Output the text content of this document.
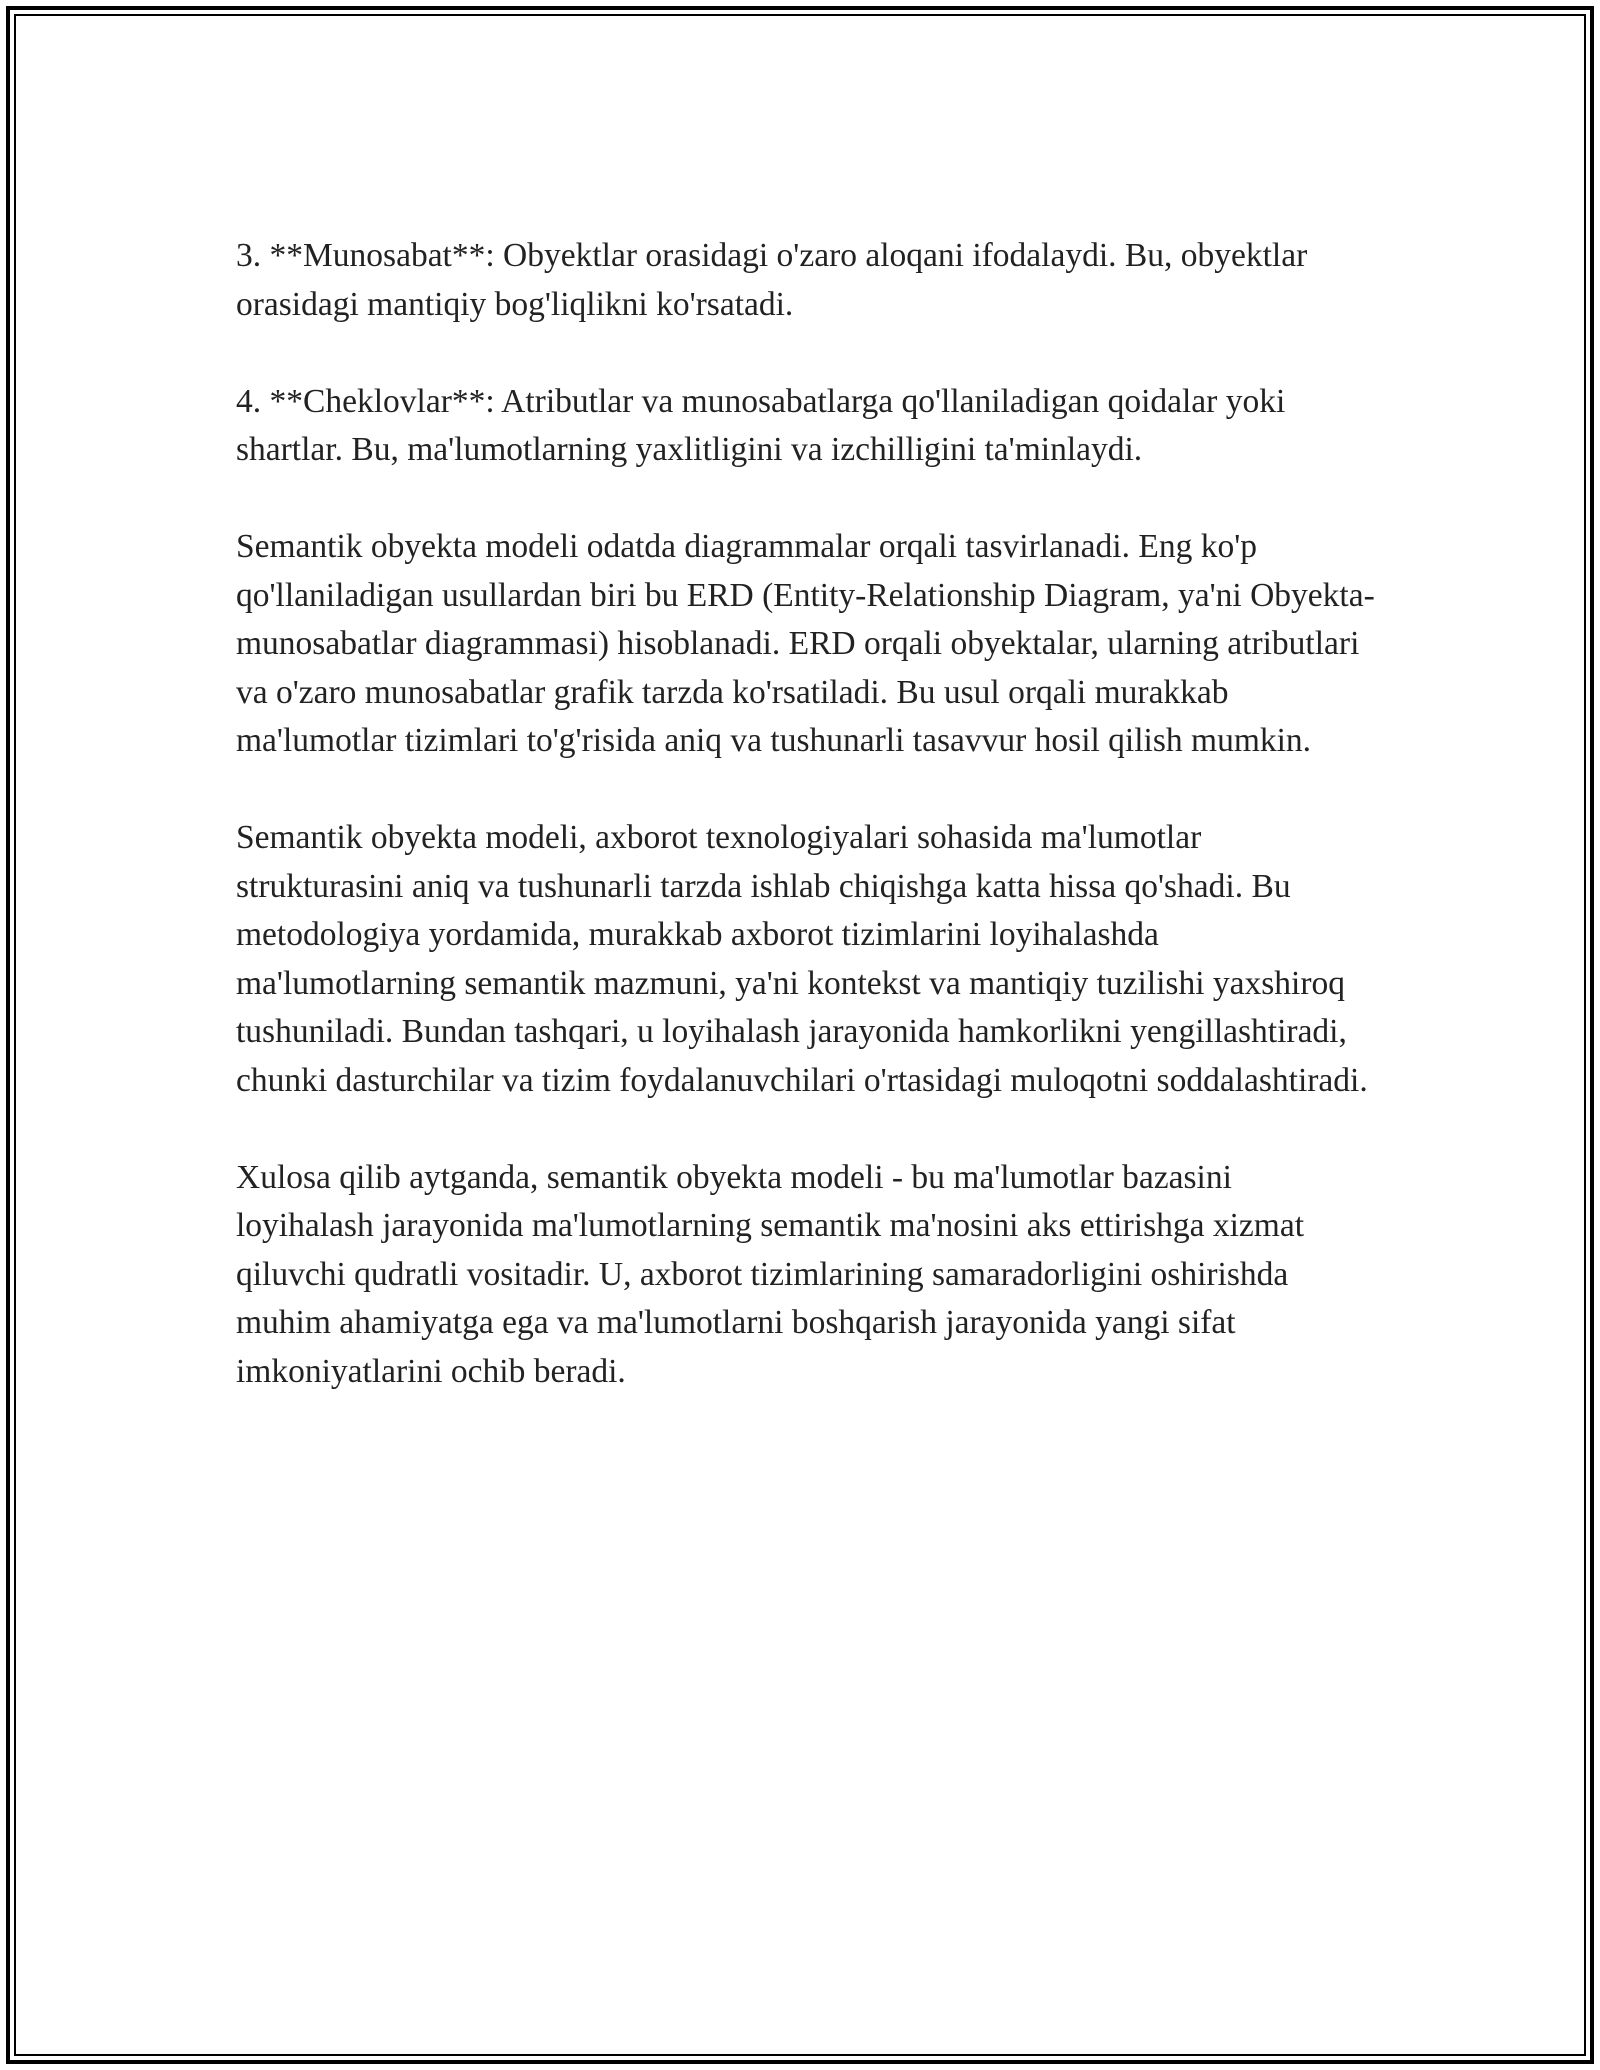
3. **Munosabat**: Obyektlar orasidagi o'zaro aloqani ifodalaydi. Bu, obyektlar orasidagi mantiqiy bog'liqlikni ko'rsatadi.

4. **Cheklovlar**: Atributlar va munosabatlarga qo'llaniladigan qoidalar yoki shartlar. Bu, ma'lumotlarning yaxlitligini va izchilligini ta'minlaydi.

Semantik obyekta modeli odatda diagrammalar orqali tasvirlanadi. Eng ko'p qo'llaniladigan usullardan biri bu ERD (Entity-Relationship Diagram, ya'ni Obyekta-munosabatlar diagrammasi) hisoblanadi. ERD orqali obyektalar, ularning atributlari va o'zaro munosabatlar grafik tarzda ko'rsatiladi. Bu usul orqali murakkab ma'lumotlar tizimlari to'g'risida aniq va tushunarli tasavvur hosil qilish mumkin.

Semantik obyekta modeli, axborot texnologiyalari sohasida ma'lumotlar strukturasini aniq va tushunarli tarzda ishlab chiqishga katta hissa qo'shadi. Bu metodologiya yordamida, murakkab axborot tizimlarini loyihalashda ma'lumotlarning semantik mazmuni, ya'ni kontekst va mantiqiy tuzilishi yaxshiroq tushuniladi. Bundan tashqari, u loyihalash jarayonida hamkorlikni yengillashtiradi, chunki dasturchilar va tizim foydalanuvchilari o'rtasidagi muloqotni soddalashtiradi.

Xulosa qilib aytganda, semantik obyekta modeli - bu ma'lumotlar bazasini loyihalash jarayonida ma'lumotlarning semantik ma'nosini aks ettirishga xizmat qiluvchi qudratli vositadir. U, axborot tizimlarining samaradorligini oshirishda muhim ahamiyatga ega va ma'lumotlarni boshqarish jarayonida yangi sifat imkoniyatlarini ochib beradi.
